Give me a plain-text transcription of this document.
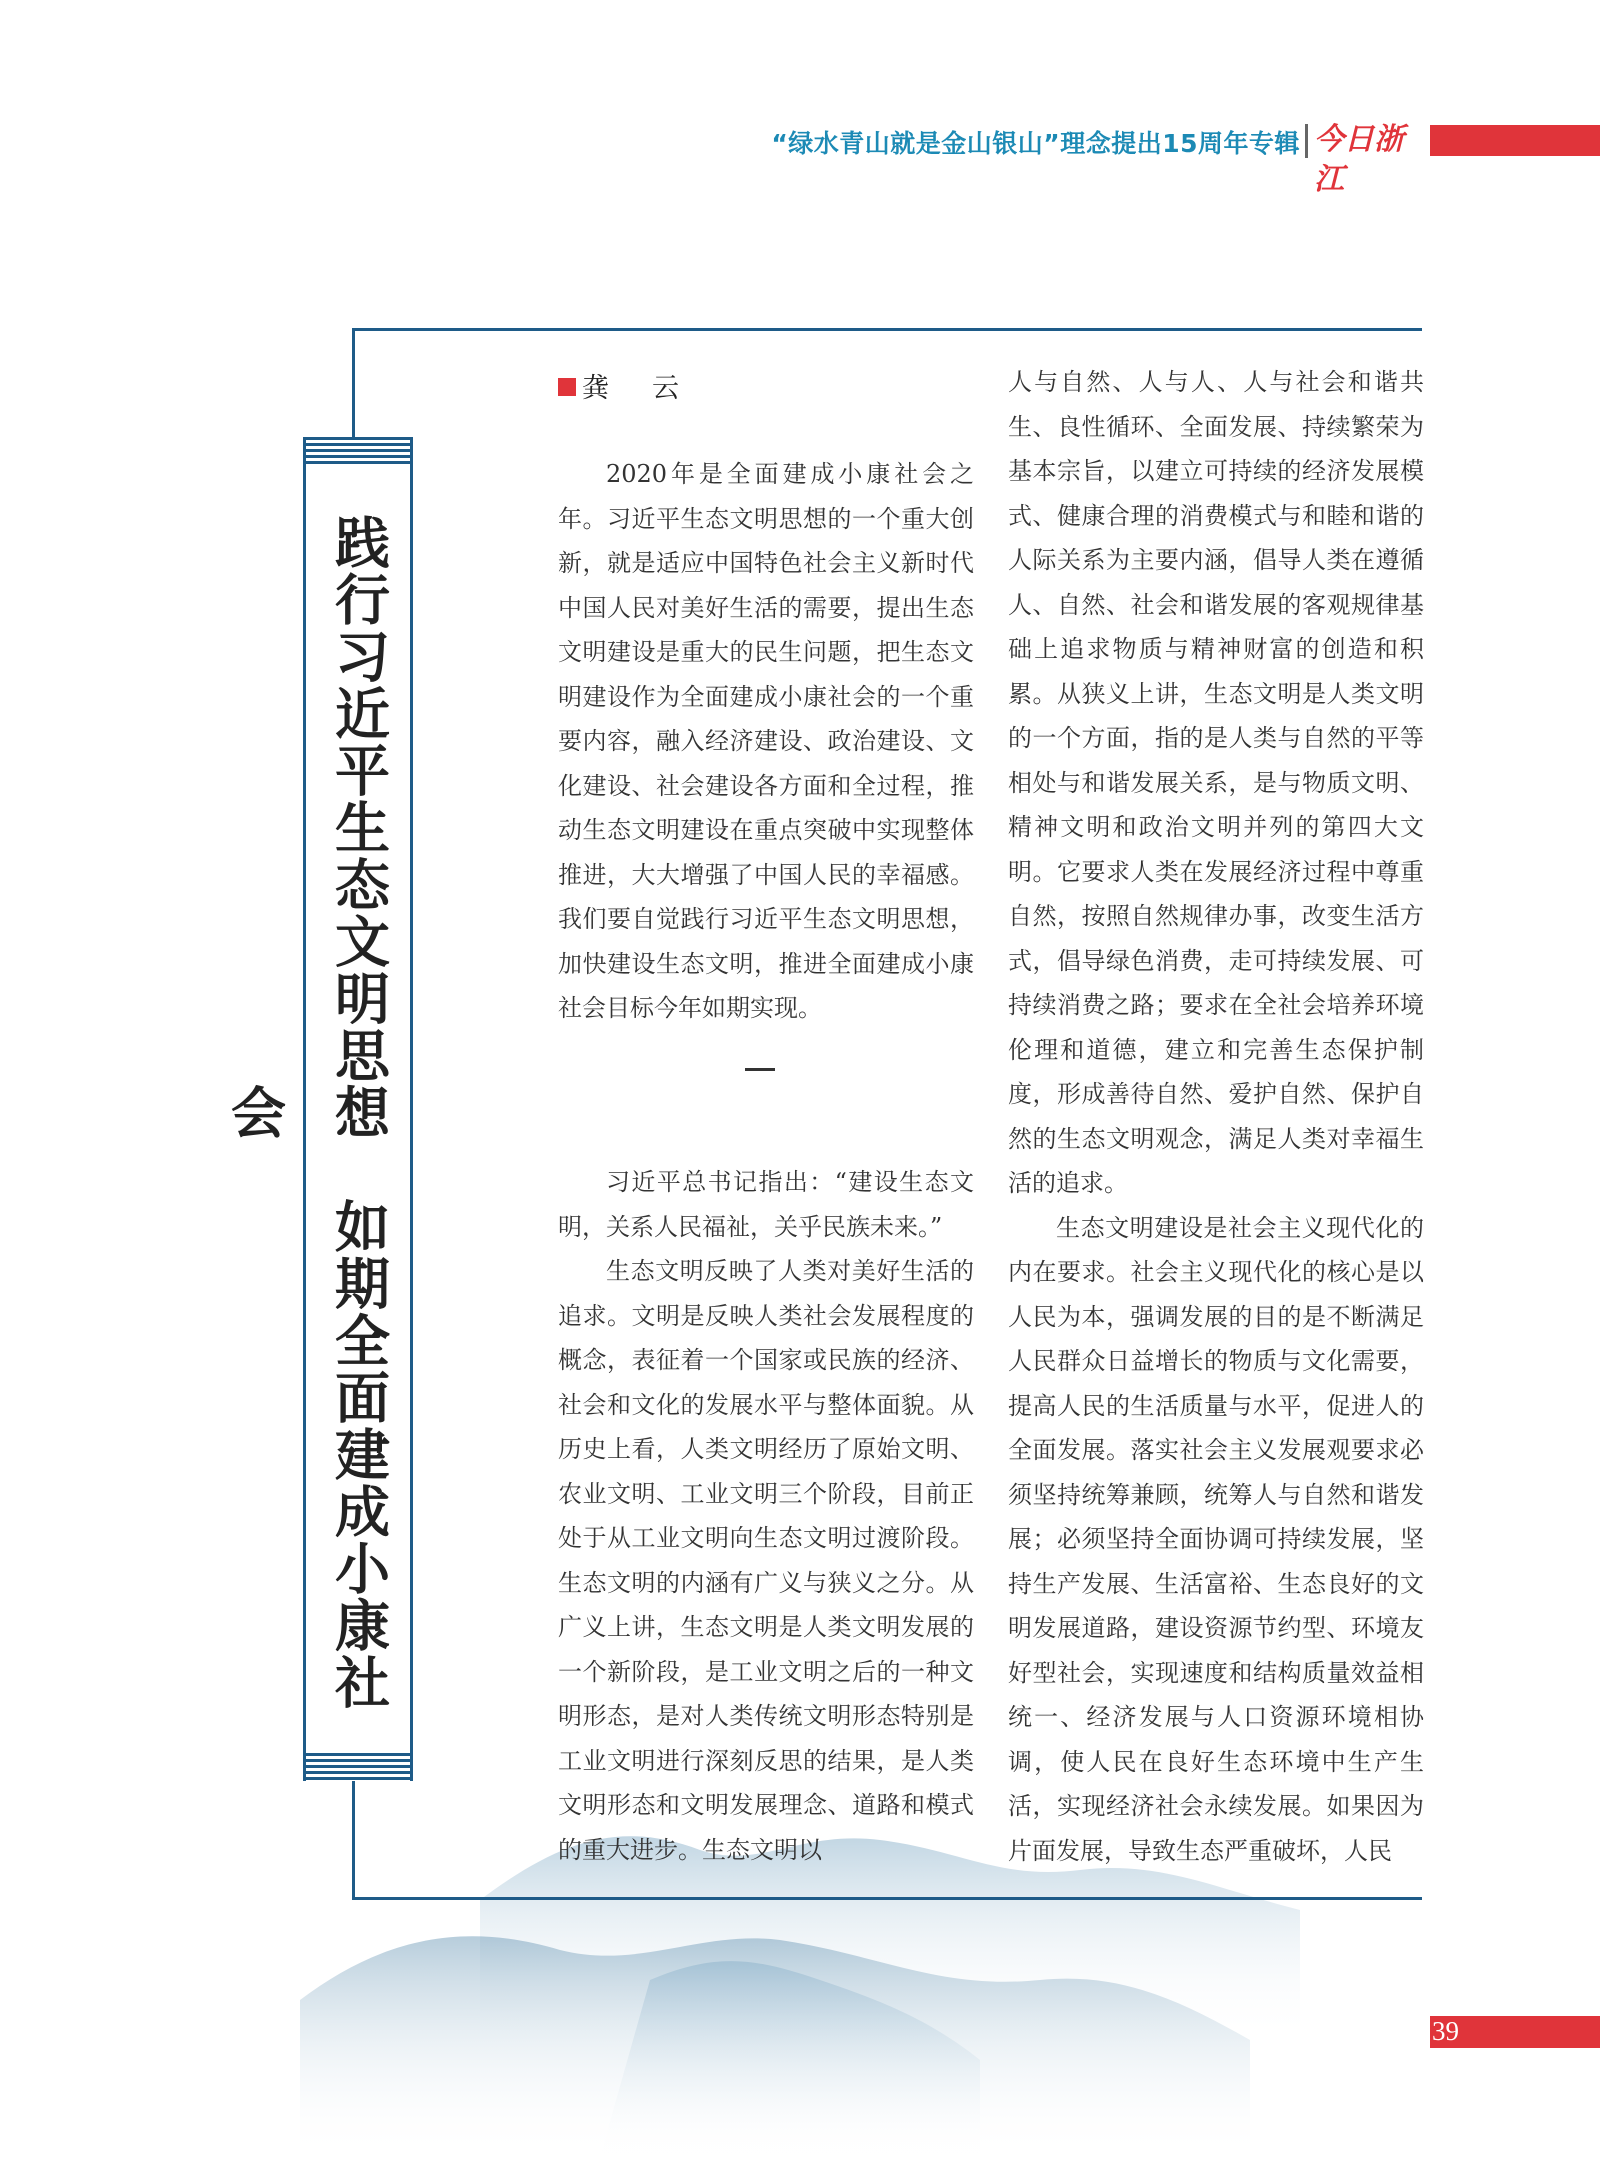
“绿水青山就是金山银山”理念提出15周年专辑 今日浙江
践行习近平生态文明思想　如期全面建成小康社会
龚　云

2020年是全面建成小康社会之年。习近平生态文明思想的一个重大创新，就是适应中国特色社会主义新时代中国人民对美好生活的需要，提出生态文明建设是重大的民生问题，把生态文明建设作为全面建成小康社会的一个重要内容，融入经济建设、政治建设、文化建设、社会建设各方面和全过程，推动生态文明建设在重点突破中实现整体推进，大大增强了中国人民的幸福感。我们要自觉践行习近平生态文明思想，加快建设生态文明，推进全面建成小康社会目标今年如期实现。

习近平总书记指出：“建设生态文明，关系人民福祉，关乎民族未来。”

生态文明反映了人类对美好生活的追求。文明是反映人类社会发展程度的概念，表征着一个国家或民族的经济、社会和文化的发展水平与整体面貌。从历史上看，人类文明经历了原始文明、农业文明、工业文明三个阶段，目前正处于从工业文明向生态文明过渡阶段。生态文明的内涵有广义与狭义之分。从广义上讲，生态文明是人类文明发展的一个新阶段，是工业文明之后的一种文明形态，是对人类传统文明形态特别是工业文明进行深刻反思的结果，是人类文明形态和文明发展理念、道路和模式的重大进步。生态文明以

人与自然、人与人、人与社会和谐共生、良性循环、全面发展、持续繁荣为基本宗旨，以建立可持续的经济发展模式、健康合理的消费模式与和睦和谐的人际关系为主要内涵，倡导人类在遵循人、自然、社会和谐发展的客观规律基础上追求物质与精神财富的创造和积累。从狭义上讲，生态文明是人类文明的一个方面，指的是人类与自然的平等相处与和谐发展关系，是与物质文明、精神文明和政治文明并列的第四大文明。它要求人类在发展经济过程中尊重自然，按照自然规律办事，改变生活方式，倡导绿色消费，走可持续发展、可持续消费之路；要求在全社会培养环境伦理和道德，建立和完善生态保护制度，形成善待自然、爱护自然、保护自然的生态文明观念，满足人类对幸福生活的追求。

生态文明建设是社会主义现代化的内在要求。社会主义现代化的核心是以人民为本，强调发展的目的是不断满足人民群众日益增长的物质与文化需要，提高人民的生活质量与水平，促进人的全面发展。落实社会主义发展观要求必须坚持统筹兼顾，统筹人与自然和谐发展；必须坚持全面协调可持续发展，坚持生产发展、生活富裕、生态良好的文明发展道路，建设资源节约型、环境友好型社会，实现速度和结构质量效益相统一、经济发展与人口资源环境相协调，使人民在良好生态环境中生产生活，实现经济社会永续发展。如果因为片面发展，导致生态严重破坏，人民

39
